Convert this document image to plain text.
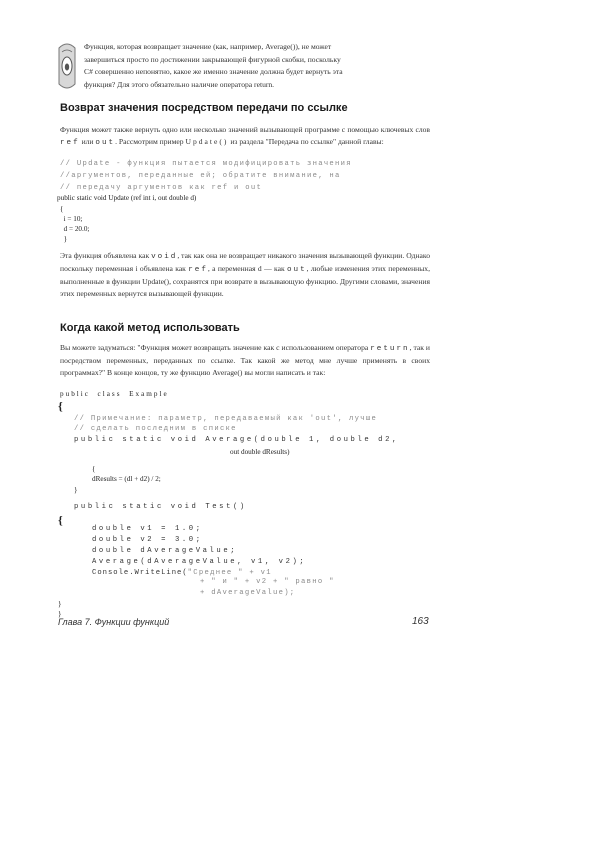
Функция, которая возвращает значение (как, например, Average()), не может
завершиться просто по достижении закрывающей фигурной скобки, поскольку
C# совершенно непонятно, какое же именно значение должна будет вернуть эта
функция? Для этого обязательно наличие оператора return.
Возврат значения посредством передачи по ссылке
Функция может также вернуть одно или несколько значений вызывающей программе с помощью ключевых слов ref или out. Рассмотрим пример Update() из раздела "Передача по ссылке" данной главы:
// Update - функция пытается модифицировать значения
//аргументов, переданные ей; обратите внимание, на
// передачу аргументов как ref и out
public static void Update (ref int i, out double d)
{
i = 10;
d = 20.0;
}
Эта функция объявлена как void, так как она не возвращает никакого значения вызывающей функции. Однако поскольку переменная i объявлена как ref, а переменная d — как out, любые изменения этих переменных, выполненные в функции Update(), сохранятся при возврате в вызывающую функцию. Другими словами, значения этих переменных вернутся вызывающей функции.
Когда какой метод использовать
Вы можете задуматься: "Функция может возвращать значение как с использованием оператора return, так и посредством переменных, переданных по ссылке. Так какой же метод мне лучше применять в своих программах?" В конце концов, ту же функцию Average() вы могли написать и так:
public  class  Example
{
// Примечание: параметр, передаваемый как 'out', лучше
// сделать последним в списке
public static void Average(double 1, double d2,
out double dResults)
{
dResults = (dl + d2) / 2;
}
public static void Test()
{
double v1 = 1.0;
double v2 = 3.0;
double dAverageValue;
Average(dAverageValue, v1, v2);
Console.WriteLine("Среднее " + v1
+ " и " + v2 + " равно "
+ dAverageValue);
}
}
Глава 7. Функции функций	163
